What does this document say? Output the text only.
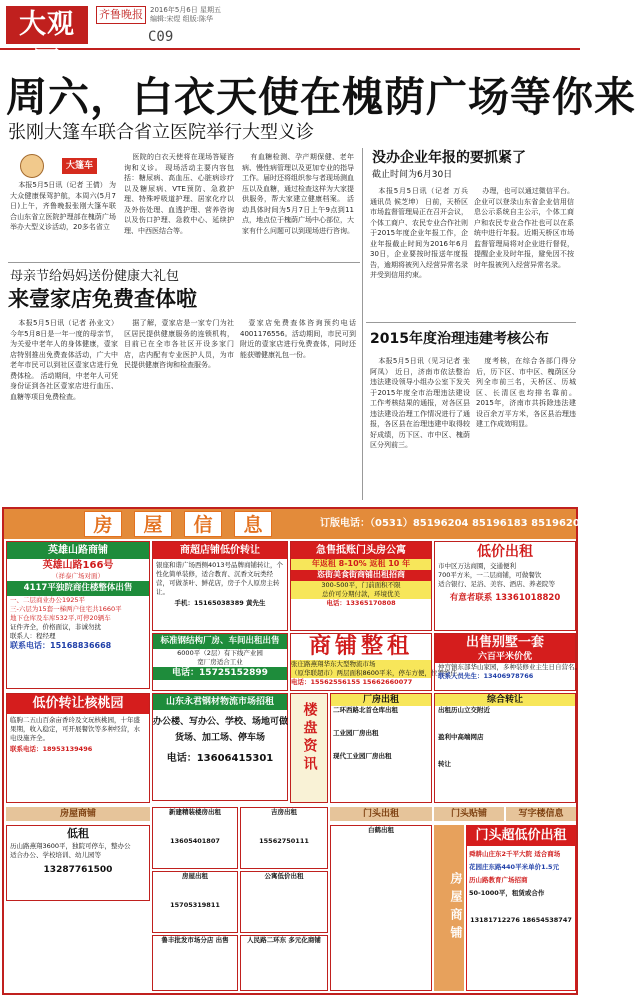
大观园
齐鲁晚报	2016年5月6日 星期五
编辑:宋煜 组版:陈华
C09
周六，白衣天使在槐荫广场等你来
张刚大篷车联合省立医院举行大型义诊
大篷车

本报5月5日讯（记者 王倩） 为大众健康保驾护航，本周六(5月7日)上午，齐鲁晚报张刚大篷车联合山东省立医院护理部在槐荫广场举办大型义诊活动，20多名省立

医院的白衣天使将在现场答疑咨询和义诊。 现场活动主要内容包括：糖尿病、高血压、心脏病诊疗以及糖尿病、VTE预防、急救护理、特殊呼吸道护理、居家化疗以及外伤处理、血透护理、营养咨询以及伤口护理、急救中心、延续护理、中西医结合等。

有血糖检测、孕产期保健、老年病、慢性病管理以及更加专业的指导工作。届时还将组织参与者现场测血压以及血糖，通过检查这样为大家提供服务，帮大家建立健康档案。 活动具体时间为5月7日上午9点到11点，地点位于槐荫广场中心部位，大家有什么问题可以到现场进行咨询。

没办企业年报的要抓紧了
截止时间为6月30日

本报5月5日讯（记者 万兵 通讯员 候芝坤） 日前，天桥区市场监督管理局正在召开会议，个体工商户、农民专业合作社则于2015年度企业年报工作，企业年报截止时间为2016年6月30日，企业要按时报送年度报告，逾期将被列入经营异常名录并受到信用约束。

办理，也可以通过微信平台。企业可以登录山东省企业信用信息公示系统自主公示，个体工商户和农民专业合作社也可以在系统中进行年报。近期天桥区市场监督管理局将对企业进行督促，提醒企业及时年报，避免因不按时年报被列入经营异常名录。

2015年度治理违建考核公布

本报5月5日讯（见习记者 张阿凤） 近日，济南市依法整治违法建设领导小组办公室下发关于2015年度全市治理违法建设工作考核结果的通报，对各区县违法建设治理工作情况进行了通报，各区县在治理违建中取得较好成绩，历下区、市中区、槐荫区分列前三。

度考核，在综合各部门得分后，历下区、市中区、槐荫区分列全市前三名，天桥区、历城区、长清区也均排名靠前。2015年，济南市共拆除违法建设百余万平方米，各区县治理违建工作成效明显。

母亲节给妈妈送份健康大礼包
来壹家店免费查体啦

本报5月5日讯（记者 孙业文） 今年5月8日是一年一度的母亲节，为关爱中老年人的身体健康，壹家店特别推出免费查体活动，广大中老年市民可以到社区壹家店进行免费体检。 活动期间，中老年人可凭身份证到各社区壹家店进行血压、血糖等项目免费检查。

据了解，壹家店是一家专门为社区居民提供健康服务的连锁机构，目前已在全市各社区开设多家门店，店内配有专业医护人员，为市民提供健康咨询和检查服务。

壹家店免费查体咨询预约电话4001176556。活动期间，市民可到附近的壹家店进行免费查体，同时还能获赠健康礼包一份。

房	屋	信	息	订版电话：（0531）85196204 85196183 85196205
英雄山路商铺
英雄山路166号
（祥泰广场对面）
4117平独院商住楼整体出售
一、二层商业办公1925平
三-六层为15套一梯两户住宅共1660平
地下仓库及车库532平,可停20辆车
证件齐全，价格面议，非诚勿扰
联系人：程经理
联系电话：15168836668
商超店铺低价转让
银座和谐广场西侧4013号品牌商铺转让，个性化简单装修，适合教育、沉香文玩类经营，可做茶叶、鲜花店，房子个人原房主转让。
手机：15165038389 黄先生
急售抵账门头房公寓
年返租 8-10% 返租 10 年
恣街美食街商铺出租招商
300-500平，门前面积不限
总价可分期付款，环境优美
电话：13365170808
低价出租
市中区万达商圈，交通便利
700平方米，一二层商铺，可做餐饮
适合银行、足浴、美容、酒店、养老院等
有意者联系 13361018820
标准钢结构厂房、车间出租出售
6000平（2层）有下线产业园
宽厂房适合工业
电话：15725152899
商铺整租
张庄路燕翔华东大型物流市场
（原华联超市）两层面积8600平米，停车方便，位置绝佳。
电话：15562556155 15662660077
出售别墅一套
六百平米价优
仲宫镇东部华山家园，多种装修业主生日自营名。
联系人员先生：13406978766
低价转让核桃园
临朐二五山百余亩香玲及文玩核桃园，十年盛果期，收入稳定，可开展餐饮等多种经营，水电设施齐全。
联系电话：18953139496
山东永君钢材物流市场招租
办公楼、写办公、学校、场地可做
货场、加工场、停车场
电话：13606415301	楼盘资讯
厂房出租
二环西路北首仓库出租
工业园厂房出租
现代工业园厂房出租
综合转让
出租历山立交附近
盈利中高端网店
转让
房屋商铺	门头出租	门头贴铺	写字楼信息
低租
历山路燕翔3600平，独院可停车，整办公
适合办公、学校培训、幼儿园等
13287761500
新建精装楼房出租
13605401807
吉房出租
15562750111
房屋出租
15705319811
公寓低价出租
鲁丰批发市场分店 出售	人民路二环东 多元化商铺
白鹤出租
房屋商铺
门头超低价出租
舜耕山庄东2千平大院 适合商场
花园庄东路440平米单价1.5元
历山路教育广场招商
50-1000平，租赁或合作
13181712276 18654538747
